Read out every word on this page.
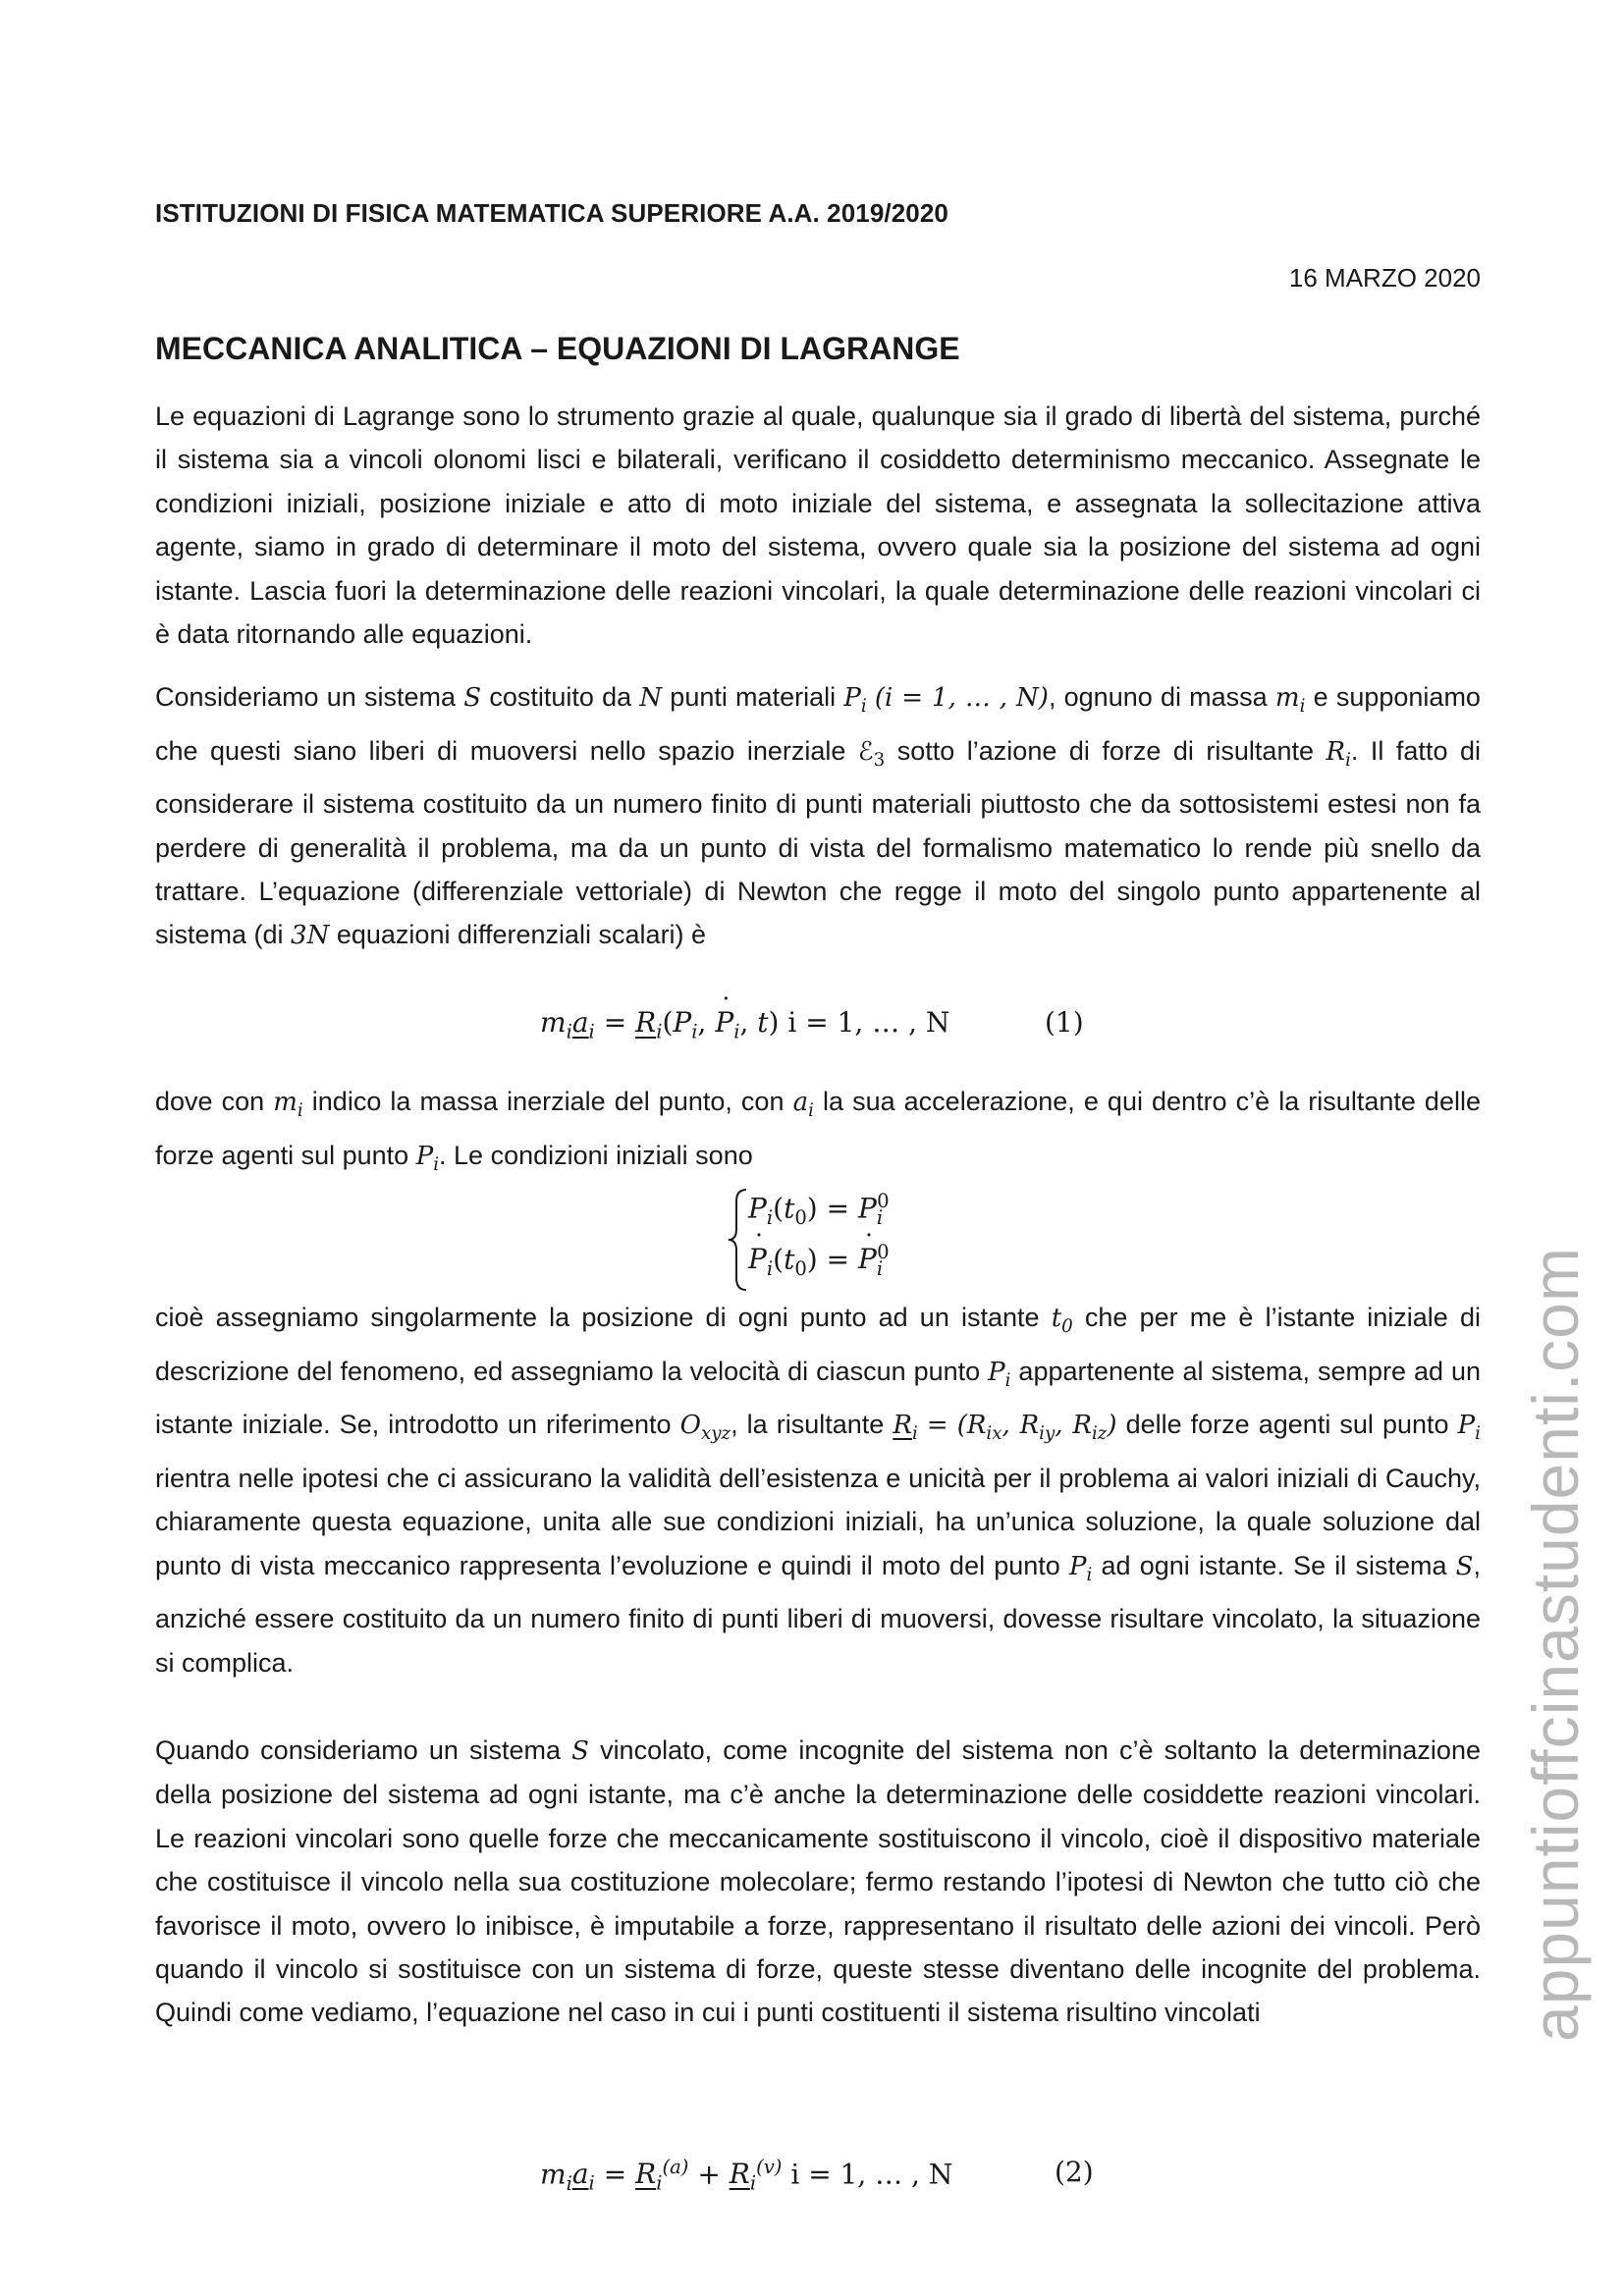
ISTITUZIONI DI FISICA MATEMATICA SUPERIORE A.A. 2019/2020
16 MARZO 2020
MECCANICA ANALITICA – EQUAZIONI DI LAGRANGE

Le equazioni di Lagrange sono lo strumento grazie al quale, qualunque sia il grado di libertà del sistema, purché il sistema sia a vincoli olonomi lisci e bilaterali, verificano il cosiddetto determinismo meccanico. Assegnate le condizioni iniziali, posizione iniziale e atto di moto iniziale del sistema, e assegnata la sollecitazione attiva agente, siamo in grado di determinare il moto del sistema, ovvero quale sia la posizione del sistema ad ogni istante. Lascia fuori la determinazione delle reazioni vincolari, la quale determinazione delle reazioni vincolari ci è data ritornando alle equazioni.

Consideriamo un sistema S costituito da N punti materiali $P_i$ (i = 1, … , N), ognuno di massa $m_i$ e supponiamo che questi siano liberi di muoversi nello spazio inerziale ℰ$_3$ sotto l’azione di forze di risultante $R_i$. Il fatto di considerare il sistema costituito da un numero finito di punti materiali piuttosto che da sottosistemi estesi non fa perdere di generalità il problema, ma da un punto di vista del formalismo matematico lo rende più snello da trattare. L’equazione (differenziale vettoriale) di Newton che regge il moto del singolo punto appartenente al sistema (di 3N equazioni differenziali scalari) è

$m_ia_i = R_i(P_i$, P $˙_i$, t) i = 1, … , N	(1)

dove con $m_i$ indico la massa inerziale del punto, con $a_i$ la sua accelerazione, e qui dentro c’è la risultante delle forze agenti sul punto $P_i$. Le condizioni iniziali sono

$P_i(t_0) = P_i^0$
P $˙_i(t_0) = P$ $˙_i^0$

cioè assegniamo singolarmente la posizione di ogni punto ad un istante $t_0$ che per me è l’istante iniziale di descrizione del fenomeno, ed assegniamo la velocità di ciascun punto $P_i$ appartenente al sistema, sempre ad un istante iniziale. Se, introdotto un riferimento $O_{xyz}$, la risultante $R_i = (R_{ix}$, $R_{iy}$, $R_{iz}$) delle forze agenti sul punto $P_i$ rientra nelle ipotesi che ci assicurano la validità dell’esistenza e unicità per il problema ai valori iniziali di Cauchy, chiaramente questa equazione, unita alle sue condizioni iniziali, ha un’unica soluzione, la quale soluzione dal punto di vista meccanico rappresenta l’evoluzione e quindi il moto del punto $P_i$ ad ogni istante. Se il sistema S, anziché essere costituito da un numero finito di punti liberi di muoversi, dovesse risultare vincolato, la situazione si complica.

Quando consideriamo un sistema S vincolato, come incognite del sistema non c’è soltanto la determinazione della posizione del sistema ad ogni istante, ma c’è anche la determinazione delle cosiddette reazioni vincolari. Le reazioni vincolari sono quelle forze che meccanicamente sostituiscono il vincolo, cioè il dispositivo materiale che costituisce il vincolo nella sua costituzione molecolare; fermo restando l’ipotesi di Newton che tutto ciò che favorisce il moto, ovvero lo inibisce, è imputabile a forze, rappresentano il risultato delle azioni dei vincoli. Però quando il vincolo si sostituisce con un sistema di forze, queste stesse diventano delle incognite del problema. Quindi come vediamo, l’equazione nel caso in cui i punti costituenti il sistema risultino vincolati

$m_ia_i = R_i^{(a)} + R_i^{(v)}$ i = 1, … , N	(2)
appuntioffcinastudenti.com
